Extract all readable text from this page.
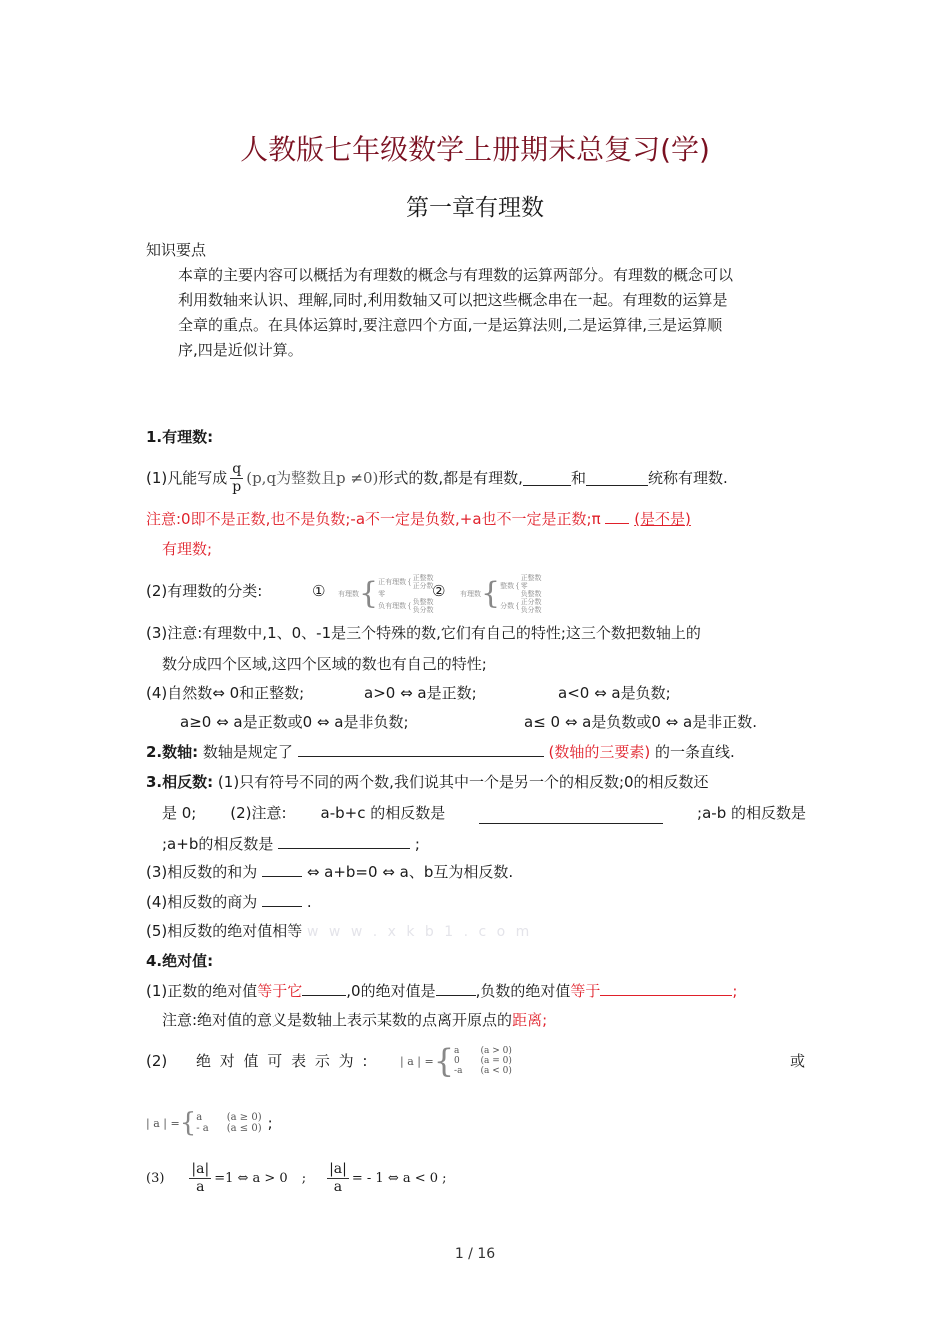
人教版七年级数学上册期末总复习(学)
第一章有理数
知识要点
本章的主要内容可以概括为有理数的概念与有理数的运算两部分。有理数的概念可以
利用数轴来认识、理解,同时,利用数轴又可以把这些概念串在一起。有理数的运算是
全章的重点。在具体运算时,要注意四个方面,一是运算法则,二是运算律,三是运算顺
序,四是近似计算。
1.有理数:
(1)凡能写成 $\frac{q}{p} (p,q$为整数且p ≠0) 形式的数,都是有理数,	和	统称有理数.
注意:0即不是正数,也不是负数;-a不一定是负数,+a也不一定是正数;π (是不是)
有理数;
(2)有理数的分类:	① 有理数 { 正有理数 { 正整数
正分数
零
负有理数 { 负整数
负分数
② 有理数 { 整数 {
正整数
零
负整数
分数 { 正分数
负分数
(3)注意:有理数中,1、0、-1是三个特殊的数,它们有自己的特性;这三个数把数轴上的
数分成四个区域,这四个区域的数也有自己的特性;
(4)自然数⇔ 0和正整数;	a>0 ⇔ a是正数;	a<0 ⇔ a是负数;
a≥0 ⇔ a是正数或0 ⇔ a是非负数;	a≤ 0 ⇔ a是负数或0 ⇔ a是非正数.
2.数轴: 数轴是规定了	(数轴的三要素) 的一条直线.
3.相反数: (1)只有符号不同的两个数,我们说其中一个是另一个的相反数;0的相反数还
是 0; (2)注意: a-b+c 的相反数是	;a-b 的相反数是
;a+b的相反数是	;
(3)相反数的和为	⇔ a+b=0 ⇔ a、b互为相反数.
(4)相反数的商为	.
(5)相反数的绝对值相等 w w w . x k b 1 . c o m
4.绝对值:
(1)正数的绝对值等于它	,0的绝对值是	,负数的绝对值等于	;
注意:绝对值的意义是数轴上表示某数的点离开原点的距离;
(2) 绝 对 值 可 表 示 为 :	| a | = { a
0
-a
(a > 0)
(a = 0)
(a < 0)
或
| a | = { a
- a
(a ≥ 0)
(a ≤ 0) ;
$(3) \frac{|a|}{a} =1$ ⇔ a > 0 ; $\frac{|a|}{a}$ = - 1 ⇔ a < 0 ;
1 / 16
